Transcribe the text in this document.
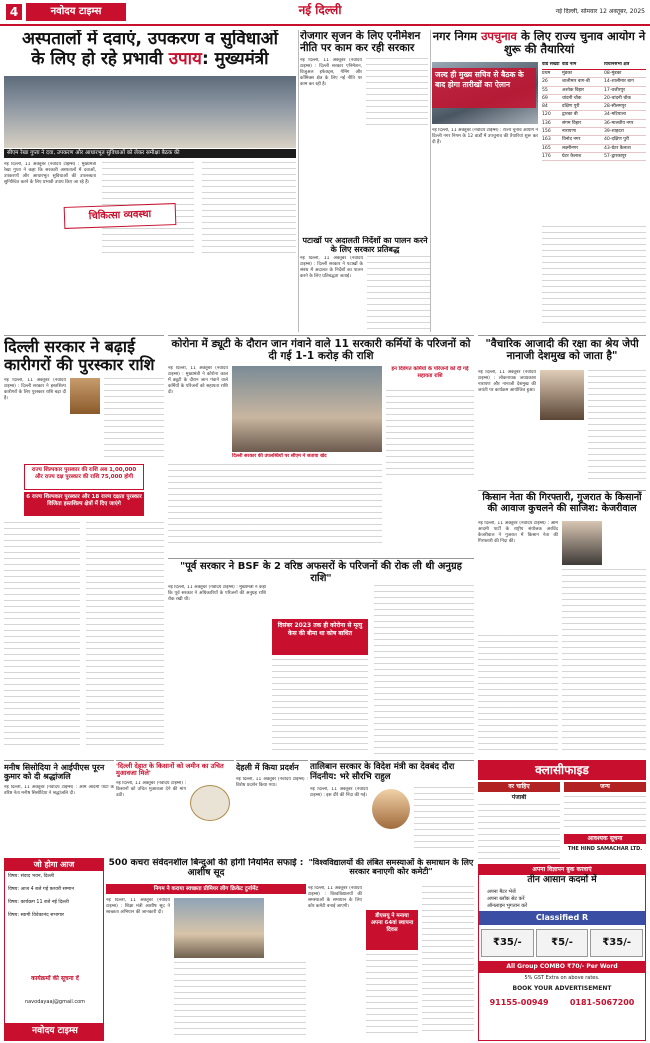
4	नवोदय टाइम्स	नई दिल्ली	नई दिल्ली, सोमवार 12 अक्तूबर, 2025
अस्पतालों में दवाएं, उपकरण व सुविधाओं
के लिए हो रहे प्रभावी उपाय: मुख्यमंत्री
सीएम रेखा गुप्ता ने दवा, उपकरण और आधारभूत सुविधाओं को लेकर समीक्षा बैठक की
नई दिल्ली, 11 अक्तूबर (नवोदय टाइम्स) : मुख्यमंत्री रेखा गुप्ता ने कहा कि सरकारी अस्पतालों में दवाओं, उपकरणों और आधारभूत सुविधाओं की उपलब्धता सुनिश्चित करने के लिए प्रभावी उपाय किए जा रहे हैं।
चिकित्सा व्यवस्था
रोजगार सृजन के लिए एनीमेशन नीति पर काम कर रही सरकार
नई दिल्ली, 11 अक्तूबर (नवोदय टाइम्स) : दिल्ली सरकार एनिमेशन, विजुअल इफेक्ट्स, गेमिंग और कॉमिक्स क्षेत्र के लिए नई नीति पर काम कर रही है।
पटाखों पर अदालती निर्देशों का पालन करने के लिए सरकार प्रतिबद्ध
नई दिल्ली, 11 अक्तूबर (नवोदय टाइम्स) : दिल्ली सरकार ने पटाखों के संबंध में अदालत के निर्देशों का पालन करने के लिए प्रतिबद्धता जताई।
नगर निगम उपचुनाव के लिए राज्य चुनाव आयोग ने शुरू की तैयारियां
जल्द ही मुख्य सचिव से बैठक के बाद होगा तारीखों का ऐलान
नई दिल्ली, 11 अक्तूबर (नवोदय टाइम्स) : राज्य चुनाव आयोग ने दिल्ली नगर निगम के 12 वार्डों में उपचुनाव की तैयारियां शुरू कर दी हैं।
वार्ड संख्या वार्ड नाम	विधानसभा क्षेत्र
प्रथम	मुंडका	08-मुंडका
26	शालीमार बाग-बी	14-शालीमार बाग
55	अशोक विहार	17-वजीरपुर
69	चांदनी चौक	20-चांदनी चौक
84	दक्षिण पुरी	28-सीलमपुर
120	द्वारका बी	34-मटियाला
136	संगम विहार	36-मालवीय नगर
156	नारायणा	39-शाहदरा
163	विनोद नगर	40-दक्षिण पुरी
165	लक्ष्मीनगर	43-ग्रेटर कैलाश
176	ग्रेटर कैलाश	57-द्वारकापुर
दिल्ली सरकार ने बढ़ाई कारीगरों की पुरस्कार राशि
नई दिल्ली, 11 अक्तूबर (नवोदय टाइम्स) : दिल्ली सरकार ने हस्तशिल्प कारीगरों के लिए पुरस्कार राशि बढ़ा दी है।
राज्य शिल्पकार पुरस्कार की राशि अब 1,00,000 और राज्य दक्ष पुरस्कार की राशि 75,000 होगी
6 राज्य शिल्पकार पुरस्कार और 18 राज्य दक्षता पुरस्कार विजिता हस्तशिल्प क्षेत्रों में दिए जाएंगे
कोरोना में ड्यूटी के दौरान जान गंवाने वाले 11 सरकारी कर्मियों के परिजनों को दी गई 1-1 करोड़ की राशि
नई दिल्ली, 11 अक्तूबर (नवोदय टाइम्स) : मुख्यमंत्री ने कोरोना काल में ड्यूटी के दौरान जान गंवाने वाले कर्मियों के परिजनों को सहायता राशि दी।
दिल्ली सरकार की उपलब्धियों पर सीएम ने जताया खेद
इन दिवंगत कर्मियों के परिजनों को दी गई सहायता राशि
"वैचारिक आजादी की रक्षा का श्रेय जेपी नानाजी देशमुख को जाता है"
नई दिल्ली, 11 अक्तूबर (नवोदय टाइम्स) : लोकनायक जयप्रकाश नारायण और नानाजी देशमुख की जयंती पर कार्यक्रम आयोजित हुआ।
"पूर्व सरकार ने BSF के 2 वरिष्ठ अफसरों के परिजनों की रोक ली थी अनुग्रह राशि"
नई दिल्ली, 11 अक्तूबर (नवोदय टाइम्स) : मुख्यमंत्री ने कहा कि पूर्व सरकार ने अधिकारियों के परिजनों की अनुग्रह राशि रोक रखी थी।
दिसंबर 2023 तक ही कोरोना से मृत्यु केस की बीमा था कोष बाधित
किसान नेता की गिरफ्तारी, गुजरात के किसानों की आवाज कुचलने की साजिश: केजरीवाल
नई दिल्ली, 11 अक्तूबर (नवोदय टाइम्स) : आम आदमी पार्टी के राष्ट्रीय संयोजक अरविंद केजरीवाल ने गुजरात में किसान नेता की गिरफ्तारी की निंदा की।
मनीष सिसोदिया ने आईपीएस पूरन कुमार को दी श्रद्धांजलि
नई दिल्ली, 11 अक्तूबर (नवोदय टाइम्स) : आम आदमी पार्टी के वरिष्ठ नेता मनीष सिसोदिया ने श्रद्धांजलि दी।
'दिल्ली देहात के किसानों को जमीन का उचित मुआवजा मिले'
नई दिल्ली, 11 अक्तूबर (नवोदय टाइम्स) : किसानों को उचित मुआवजा देने की मांग उठी।
देहली में किया प्रदर्शन
नई दिल्ली, 11 अक्तूबर (नवोदय टाइम्स) : विरोध प्रदर्शन किया गया।
तालिबान सरकार के विदेश मंत्री का देवबंद दौरा निंदनीय: भरे सौरभि राहुल
नई दिल्ली, 11 अक्तूबर (नवोदय टाइम्स) : इस दौरे की निंदा की गई।
जो होगा आज
विषय: संवाद भवन, दिल्ली
विषय: आज 4 बजे गई फ़रवरी सम्मान
विषय: कार्यक्रम 11 बजे नई दिल्ली
विषय: स्वामी विवेकानंद सभागार
कार्यक्रमों की सूचना दें
navodayaaj@gmail.com
नवोदय टाइम्स
500 कचरा संवेदनशील बिन्दुओं की होगी नियमित सफाई : आशीष सूद
निगम ने कराया स्वच्छता प्रीमियर लीग क्रिकेट टूर्नामेंट
नई दिल्ली, 11 अक्तूबर (नवोदय टाइम्स) : शिक्षा मंत्री आशीष सूद ने स्वच्छता अभियान की जानकारी दी।
"विश्वविद्यालयों की लंबित समस्याओं के समाधान के लिए सरकार बनाएगी कोर कमेटी"
नई दिल्ली, 11 अक्तूबर (नवोदय टाइम्स) : विश्वविद्यालयों की समस्याओं के समाधान के लिए कोर कमेटी बनाई जाएगी।
डीएसयू ने मनाया अपना 64वां स्थापना दिवस
क्लासीफाइड
वर चाहिए	जन्य
पंजाबी
आवश्यक सूचना
THE HIND SAMACHAR LTD.
अपना विज्ञापन बुक करवाएं
तीन आसान कदमों में
अपना मैटर भेजें
अपना ब्लॉक सेट करें
ऑनलाइन भुगतान करें
Classified R
₹35/-	₹5/-	₹35/-
All Group COMBO ₹70/- Per Word
5% GST Extra on above rates.
BOOK YOUR ADVERTISEMENT
91155-00949	0181-5067200
